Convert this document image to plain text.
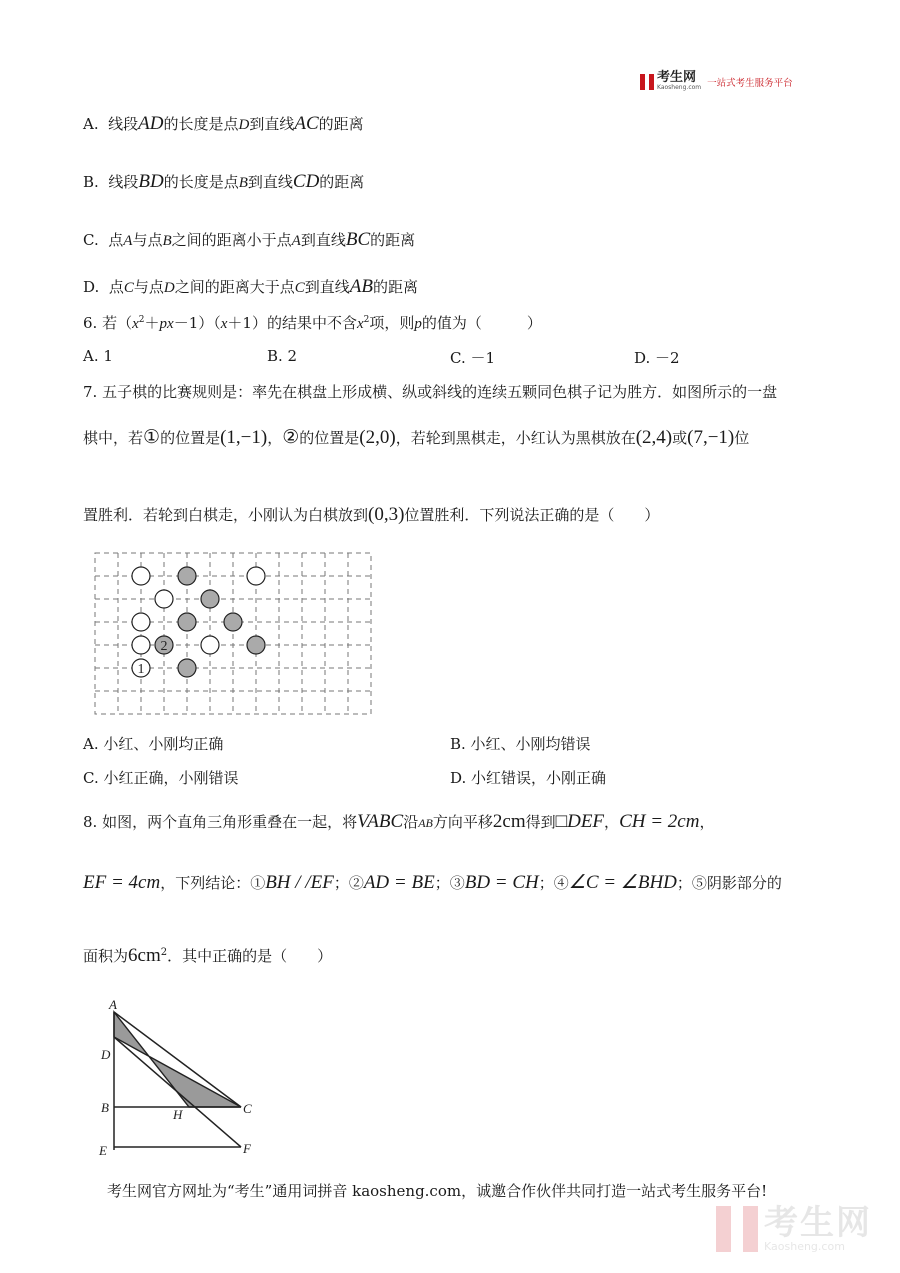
考生网
Kaosheng.com 一站式考生服务平台
A. 线段AD的长度是点D到直线AC的距离
B. 线段BD的长度是点B到直线CD的距离
C. 点A与点B之间的距离小于点A到直线BC的距离
D. 点C与点D之间的距离大于点C到直线AB的距离
6. 若$(x^2+px-1)(x+1)$的结果中不含$x^2$项，则p的值为（　　　）
A. 1	B. 2	C. －1	D. －2
7. 五子棋的比赛规则是：率先在棋盘上形成横、纵或斜线的连续五颗同色棋子记为胜方．如图所示的一盘
棋中，若①的位置是(1,−1)，②的位置是(2,0)，若轮到黑棋走，小红认为黑棋放在(2,4)或(7,−1)位
置胜利．若轮到白棋走，小刚认为白棋放到(0,3)位置胜利．下列说法正确的是（　　）
2
1
A. 小红、小刚均正确	B. 小红、小刚均错误
C. 小红正确，小刚错误	D. 小红错误，小刚正确
8. 如图，两个直角三角形重叠在一起，将VABC沿AB方向平移2cm得到□DEF，CH = 2cm，
EF = 4cm，下列结论：①BH / /EF；②AD = BE；③BD = CH；④∠C = ∠BHD；⑤阴影部分的
面积为$6cm^2$．其中正确的是（　　）
A
D
B
E
H	C
F
考生网官方网址为“考生”通用词拼音 kaosheng.com，诚邀合作伙伴共同打造一站式考生服务平台!
考生网
Kaosheng.com
